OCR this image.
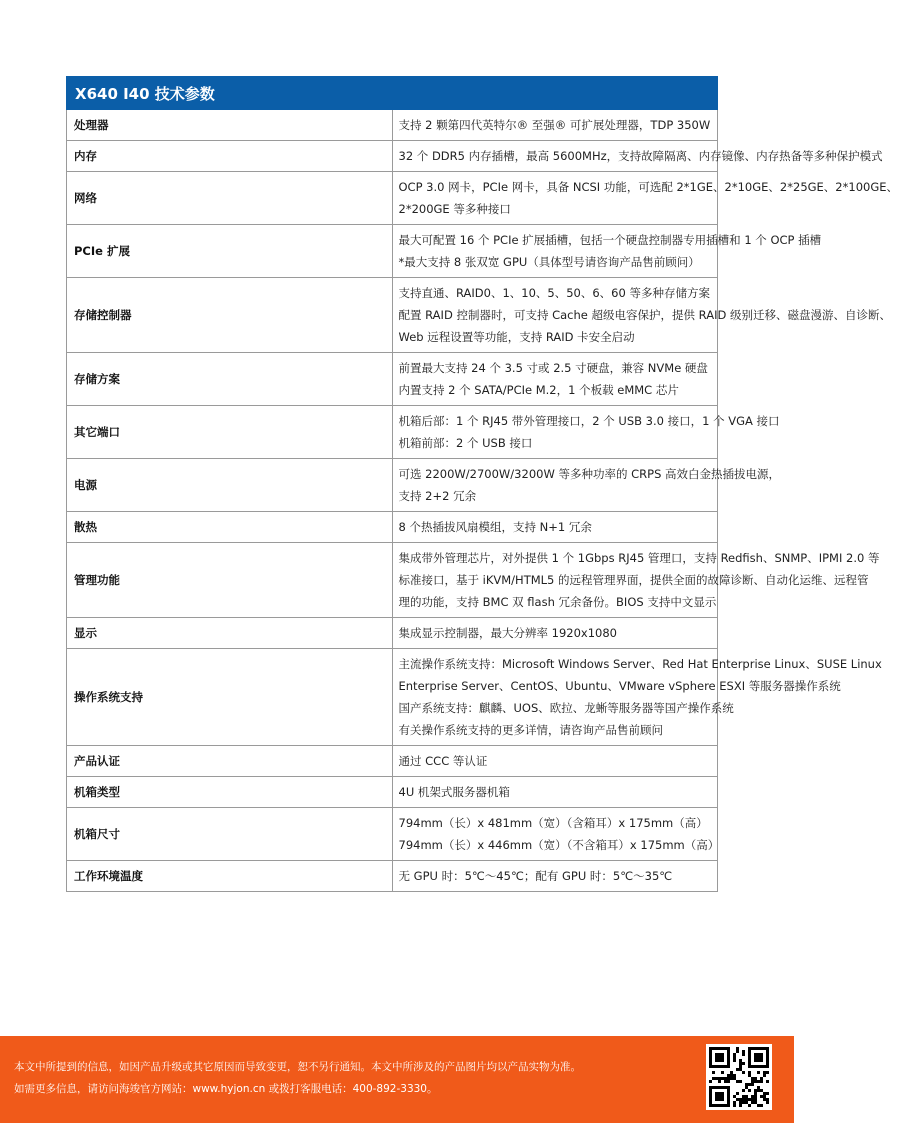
X640 I40 技术参数	
处理器	支持 2 颗第四代英特尔® 至强® 可扩展处理器，TDP 350W

内存	32 个 DDR5 内存插槽，最高 5600MHz，支持故障隔离、内存镜像、内存热备等多种保护模式

网络	OCP 3.0 网卡，PCIe 网卡，具备 NCSI 功能，可选配 2*1GE、2*10GE、2*25GE、2*100GE、
2*200GE 等多种接口

PCIe 扩展	最大可配置 16 个 PCIe 扩展插槽，包括一个硬盘控制器专用插槽和 1 个 OCP 插槽
*最大支持 8 张双宽 GPU（具体型号请咨询产品售前顾问）

存储控制器	支持直通、RAID0、1、10、5、50、6、60 等多种存储方案
配置 RAID 控制器时，可支持 Cache 超级电容保护，提供 RAID 级别迁移、磁盘漫游、自诊断、
Web 远程设置等功能，支持 RAID 卡安全启动

存储方案	前置最大支持 24 个 3.5 寸或 2.5 寸硬盘，兼容 NVMe 硬盘
内置支持 2 个 SATA/PCIe M.2，1 个板载 eMMC 芯片

其它端口	机箱后部：1 个 RJ45 带外管理接口，2 个 USB 3.0 接口，1 个 VGA 接口
机箱前部：2 个 USB 接口

电源	可选 2200W/2700W/3200W 等多种功率的 CRPS 高效白金热插拔电源，
支持 2+2 冗余

散热	8 个热插拔风扇模组，支持 N+1 冗余

管理功能	集成带外管理芯片，对外提供 1 个 1Gbps RJ45 管理口，支持 Redfish、SNMP、IPMI 2.0 等
标准接口，基于 iKVM/HTML5 的远程管理界面，提供全面的故障诊断、自动化运维、远程管
理的功能，支持 BMC 双 flash 冗余备份。BIOS 支持中文显示

显示	集成显示控制器，最大分辨率 1920x1080

操作系统支持	主流操作系统支持：Microsoft Windows Server、Red Hat Enterprise Linux、SUSE Linux
Enterprise Server、CentOS、Ubuntu、VMware vSphere ESXI 等服务器操作系统
国产系统支持：麒麟、UOS、欧拉、龙蜥等服务器等国产操作系统
有关操作系统支持的更多详情，请咨询产品售前顾问

产品认证	通过 CCC 等认证

机箱类型	4U 机架式服务器机箱

机箱尺寸	794mm（长）x 481mm（宽）（含箱耳）x 175mm（高）
794mm（长）x 446mm（宽）（不含箱耳）x 175mm（高）

工作环境温度	无 GPU 时：5℃～45℃；配有 GPU 时：5℃～35℃
本文中所提到的信息，如因产品升级或其它原因而导致变更，恕不另行通知。本文中所涉及的产品图片均以产品实物为准。
如需更多信息，请访问海竣官方网站：www.hyjon.cn 或拨打客服电话：400-892-3330。
